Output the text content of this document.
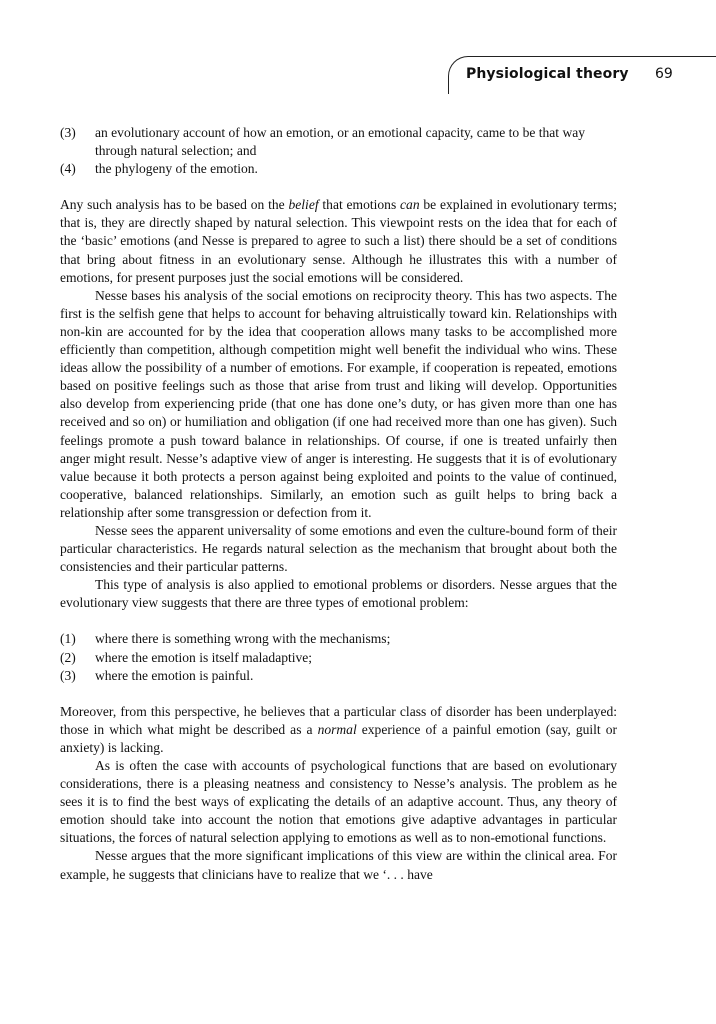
Physiological theory 69
(3)	an evolutionary account of how an emotion, or an emotional capacity, came to be that way through natural selection; and
(4)	the phylogeny of the emotion.

Any such analysis has to be based on the belief that emotions can be explained in evolutionary terms; that is, they are directly shaped by natural selection. This viewpoint rests on the idea that for each of the ‘basic’ emotions (and Nesse is prepared to agree to such a list) there should be a set of conditions that bring about fitness in an evolutionary sense. Although he illustrates this with a number of emotions, for present purposes just the social emotions will be considered.

Nesse bases his analysis of the social emotions on reciprocity theory. This has two aspects. The first is the selfish gene that helps to account for behaving altruistically toward kin. Relationships with non-kin are accounted for by the idea that cooperation allows many tasks to be accomplished more efficiently than competition, although competition might well benefit the individual who wins. These ideas allow the possibility of a number of emotions. For example, if cooperation is repeated, emotions based on positive feelings such as those that arise from trust and liking will develop. Opportunities also develop from experiencing pride (that one has done one’s duty, or has given more than one has received and so on) or humiliation and obligation (if one had received more than one has given). Such feelings promote a push toward balance in relationships. Of course, if one is treated unfairly then anger might result. Nesse’s adaptive view of anger is interesting. He suggests that it is of evolutionary value because it both protects a person against being exploited and points to the value of continued, cooperative, balanced relationships. Similarly, an emotion such as guilt helps to bring back a relationship after some transgression or defection from it.

Nesse sees the apparent universality of some emotions and even the culture-bound form of their particular characteristics. He regards natural selection as the mechanism that brought about both the consistencies and their particular patterns.

This type of analysis is also applied to emotional problems or disorders. Nesse argues that the evolutionary view suggests that there are three types of emotional problem:

(1)	where there is something wrong with the mechanisms;
(2)	where the emotion is itself maladaptive;
(3)	where the emotion is painful.

Moreover, from this perspective, he believes that a particular class of disorder has been underplayed: those in which what might be described as a normal experience of a painful emotion (say, guilt or anxiety) is lacking.

As is often the case with accounts of psychological functions that are based on evolutionary considerations, there is a pleasing neatness and consistency to Nesse’s analysis. The problem as he sees it is to find the best ways of explicating the details of an adaptive account. Thus, any theory of emotion should take into account the notion that emotions give adaptive advantages in particular situations, the forces of natural selection applying to emotions as well as to non-emotional functions.

Nesse argues that the more significant implications of this view are within the clinical area. For example, he suggests that clinicians have to realize that we ‘. . . have
